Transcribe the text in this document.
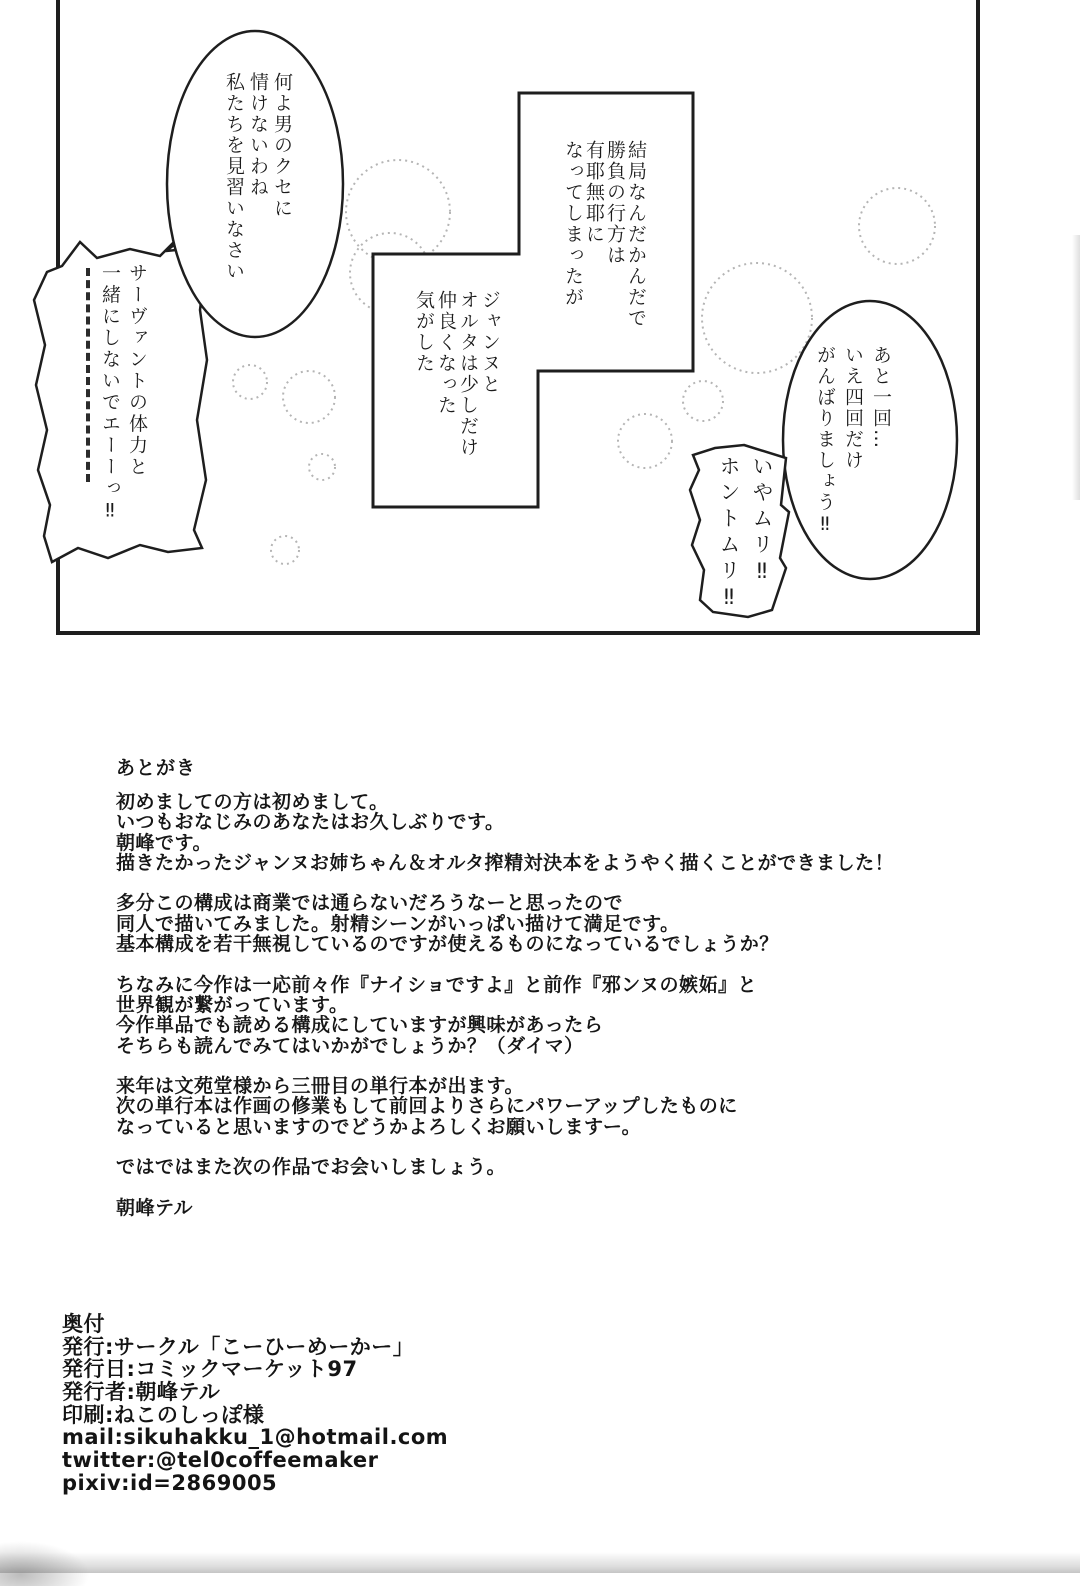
何よ男のクセに
情けないわね
私たちを見習いなさい
サーヴァントの体力と
一緒にしないでエーーっ‼
結局なんだかんだで
勝負の行方は
有耶無耶に
なってしまったが
ジャンヌと
オルタは少しだけ
仲良くなった
気がした
あと一回…
いえ四回だけ
がんばりましょう‼
いやムリ‼
ホントムリ‼
あとがき
初めましての方は初めまして。
いつもおなじみのあなたはお久しぶりです。
朝峰です。
描きたかったジャンヌお姉ちゃん＆オルタ搾精対決本をようやく描くことができました！

多分この構成は商業では通らないだろうなーと思ったので
同人で描いてみました。射精シーンがいっぱい描けて満足です。
基本構成を若干無視しているのですが使えるものになっているでしょうか？

ちなみに今作は一応前々作『ナイショですよ』と前作『邪ンヌの嫉妬』と
世界観が繋がっています。
今作単品でも読める構成にしていますが興味があったら
そちらも読んでみてはいかがでしょうか？（ダイマ）

来年は文苑堂様から三冊目の単行本が出ます。
次の単行本は作画の修業もして前回よりさらにパワーアップしたものに
なっていると思いますのでどうかよろしくお願いしますー。

ではではまた次の作品でお会いしましょう。

朝峰テル
奥付
発行:サークル「こーひーめーかー」
発行日:コミックマーケット97
発行者:朝峰テル
印刷:ねこのしっぽ様
mail:sikuhakku_1@hotmail.com
twitter:@tel0coffeemaker
pixiv:id=2869005
